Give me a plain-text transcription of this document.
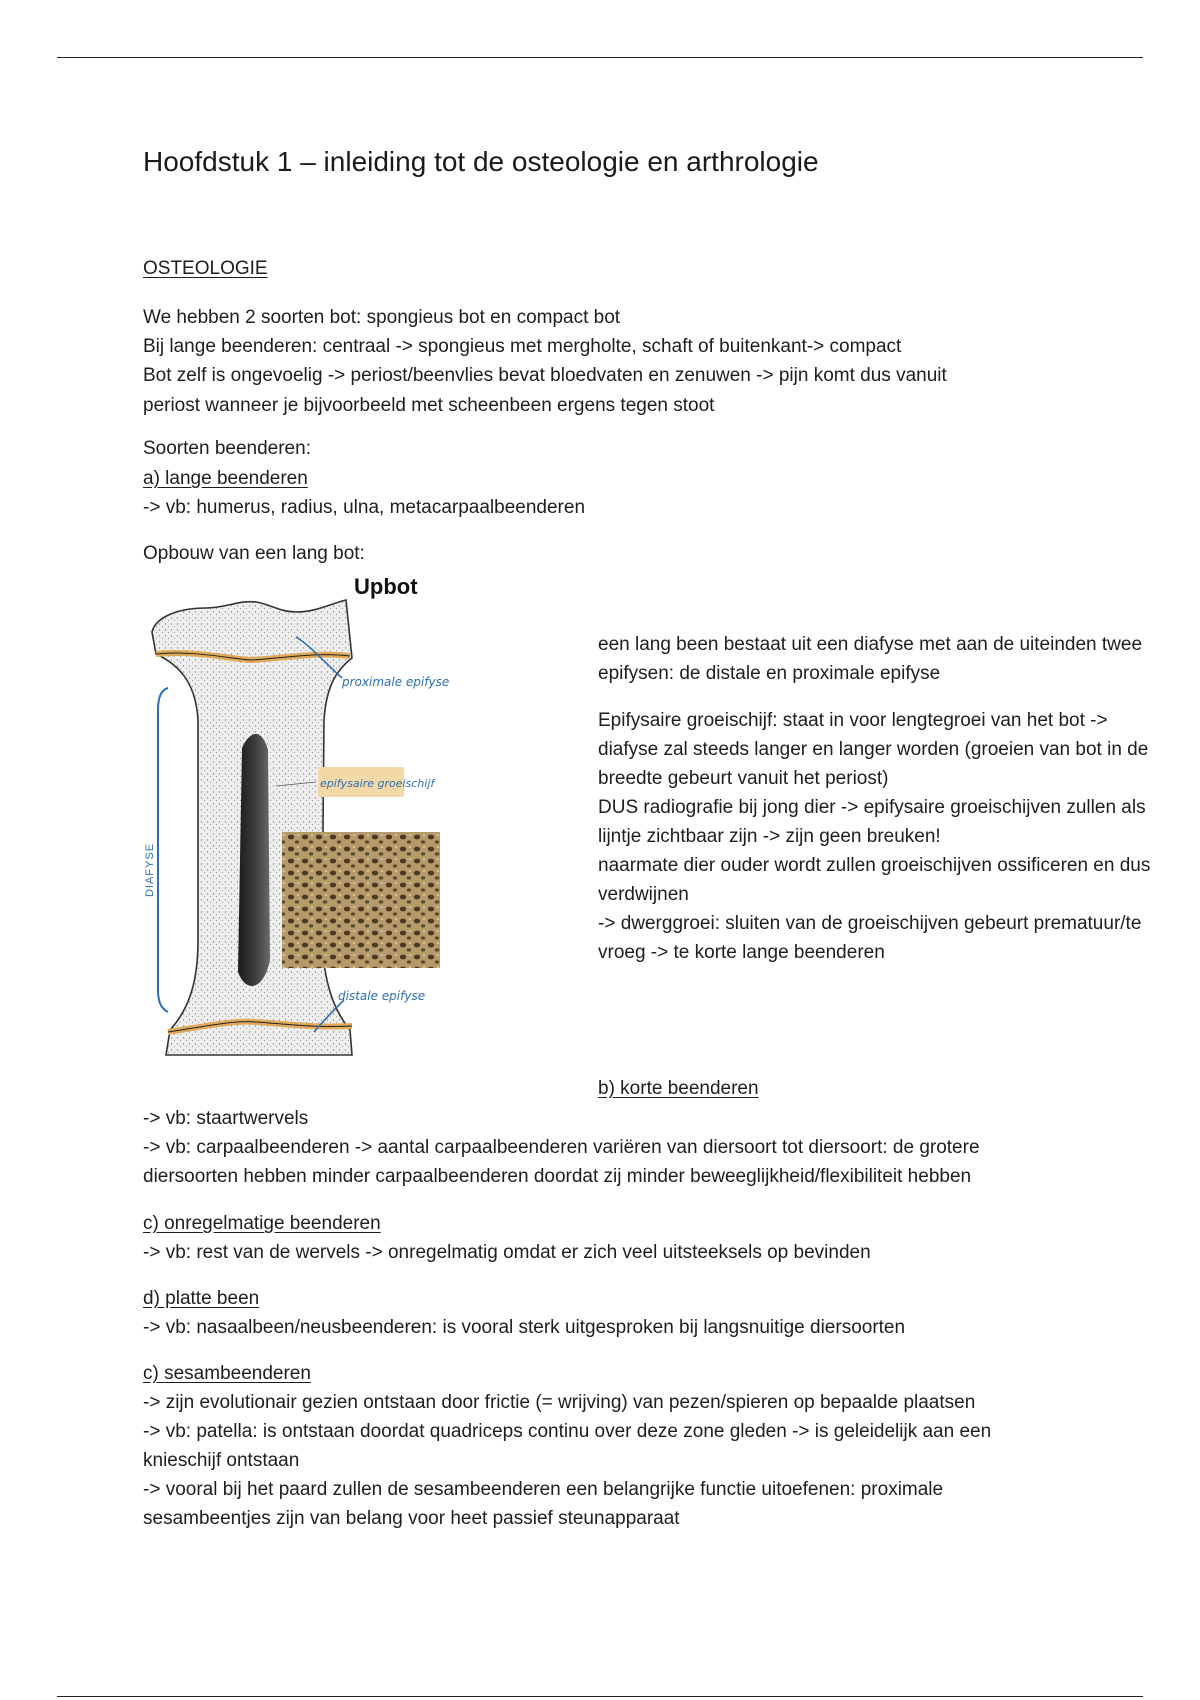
Hoofdstuk 1 – inleiding tot de osteologie en arthrologie
OSTEOLOGIE
We hebben 2 soorten bot: spongieus bot en compact bot
Bij lange beenderen: centraal -> spongieus met mergholte, schaft of buitenkant-> compact
Bot zelf is ongevoelig -> periost/beenvlies bevat bloedvaten en zenuwen -> pijn komt dus vanuit
periost wanneer je bijvoorbeeld met scheenbeen ergens tegen stoot
Soorten beenderen:
a) lange beenderen
-> vb: humerus, radius, ulna, metacarpaalbeenderen
Opbouw van een lang bot:
een lang been bestaat uit een diafyse met aan de uiteinden twee
epifysen: de distale en proximale epifyse
Epifysaire groeischijf: staat in voor lengtegroei van het bot ->
diafyse zal steeds langer en langer worden (groeien van bot in de
breedte gebeurt vanuit het periost)
DUS radiografie bij jong dier -> epifysaire groeischijven zullen als
lijntje zichtbaar zijn -> zijn geen breuken!
naarmate dier ouder wordt zullen groeischijven ossificeren en dus
verdwijnen
-> dwerggroei: sluiten van de groeischijven gebeurt prematuur/te
vroeg -> te korte lange beenderen
b) korte beenderen
-> vb: staartwervels
-> vb: carpaalbeenderen -> aantal carpaalbeenderen variëren van diersoort tot diersoort: de grotere
diersoorten hebben minder carpaalbeenderen doordat zij minder beweeglijkheid/flexibiliteit hebben
c) onregelmatige beenderen
-> vb: rest van de wervels -> onregelmatig omdat er zich veel uitsteeksels op bevinden
d) platte been
-> vb: nasaalbeen/neusbeenderen: is vooral sterk uitgesproken bij langsnuitige diersoorten
c) sesambeenderen
-> zijn evolutionair gezien ontstaan door frictie (= wrijving) van pezen/spieren op bepaalde plaatsen
-> vb: patella: is ontstaan doordat quadriceps continu over deze zone gleden -> is geleidelijk aan een
knieschijf ontstaan
-> vooral bij het paard zullen de sesambeenderen een belangrijke functie uitoefenen: proximale
sesambeentjes zijn van belang voor heet passief steunapparaat
Upbot
DIAFYSE
proximale epifyse
epifysaire groeischijf
distale epifyse
